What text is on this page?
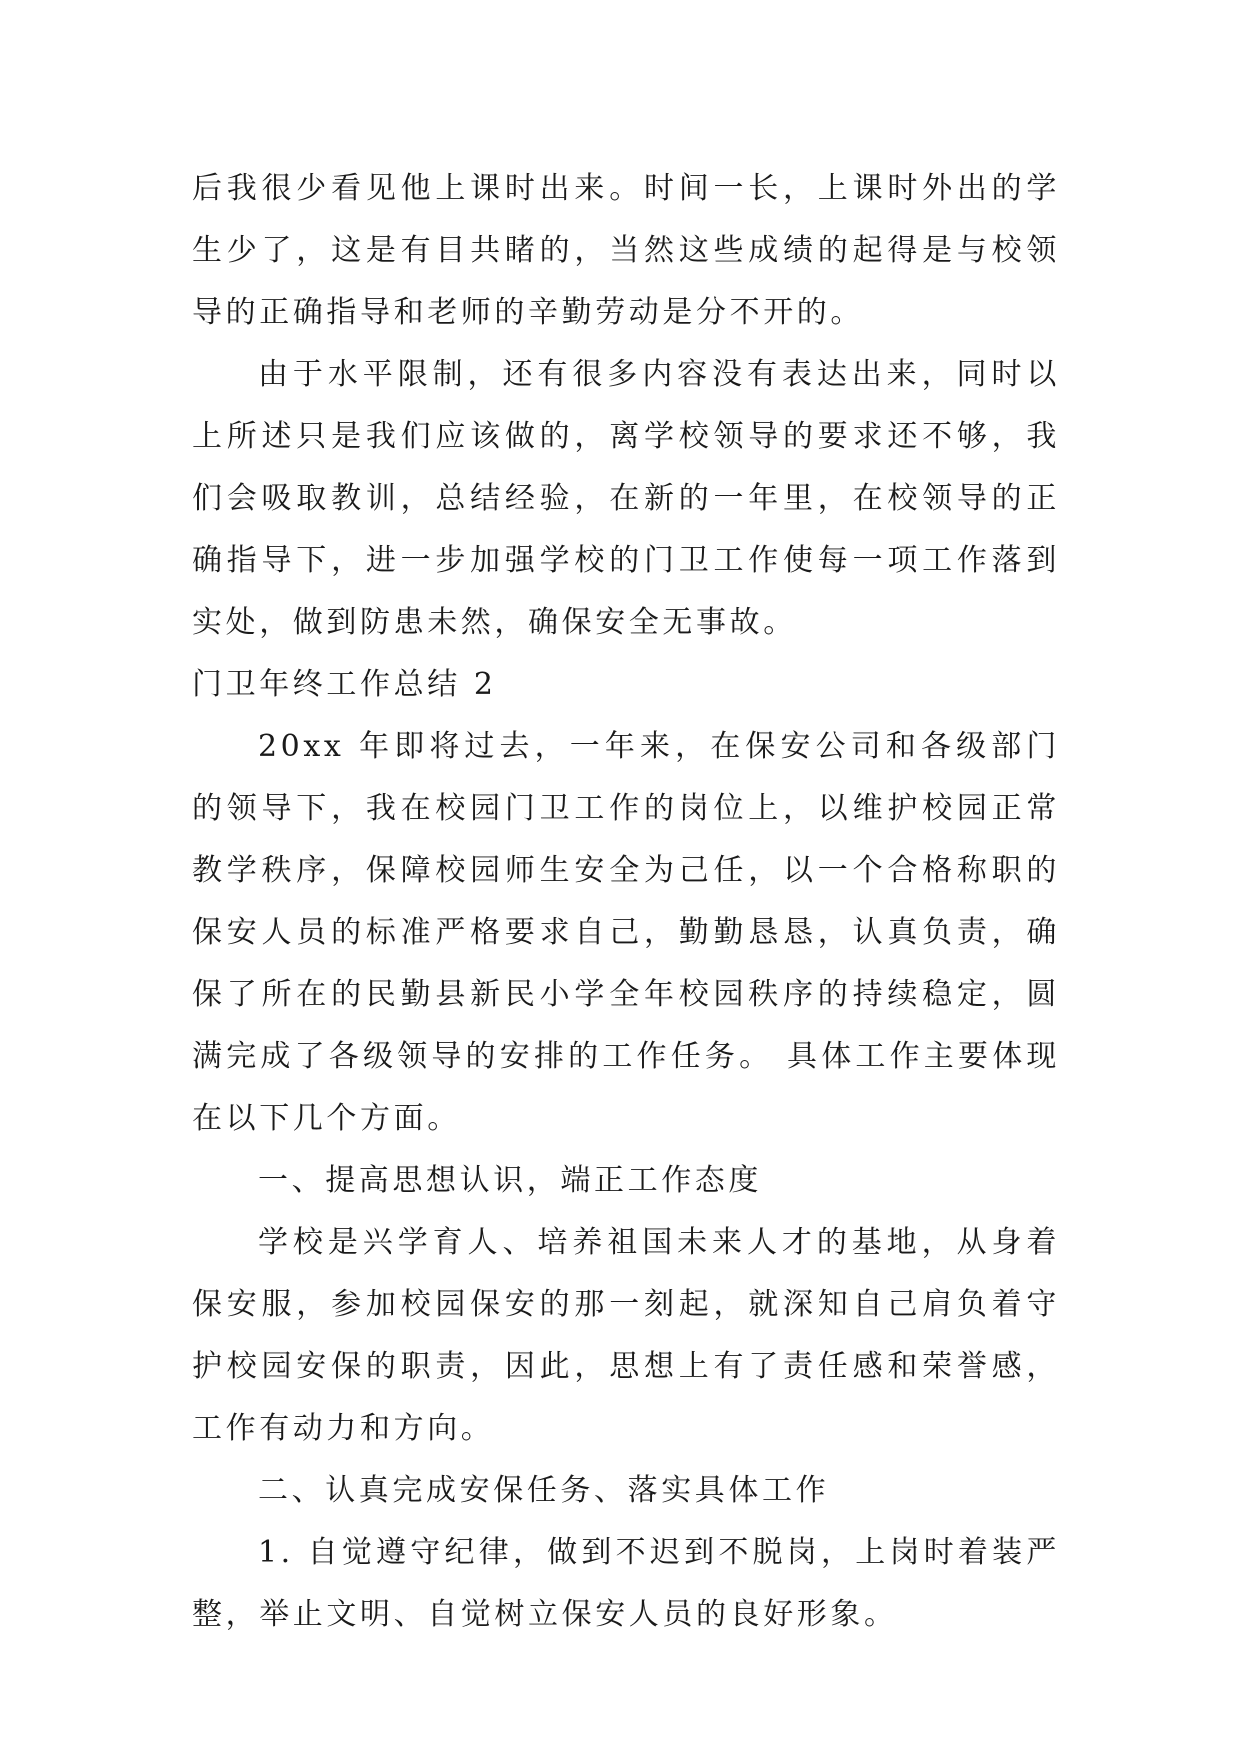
后我很少看见他上课时出来。时间一长，上课时外出的学生少了，这是有目共睹的，当然这些成绩的起得是与校领导的正确指导和老师的辛勤劳动是分不开的。

由于水平限制，还有很多内容没有表达出来，同时以上所述只是我们应该做的，离学校领导的要求还不够，我们会吸取教训，总结经验，在新的一年里，在校领导的正确指导下，进一步加强学校的门卫工作使每一项工作落到实处，做到防患未然，确保安全无事故。

门卫年终工作总结 2

20xx 年即将过去，一年来，在保安公司和各级部门的领导下，我在校园门卫工作的岗位上，以维护校园正常教学秩序，保障校园师生安全为己任，以一个合格称职的保安人员的标准严格要求自己，勤勤恳恳，认真负责，确保了所在的民勤县新民小学全年校园秩序的持续稳定，圆满完成了各级领导的安排的工作任务。 具体工作主要体现在以下几个方面。

一、提高思想认识，端正工作态度

学校是兴学育人、培养祖国未来人才的基地，从身着保安服，参加校园保安的那一刻起，就深知自己肩负着守护校园安保的职责，因此，思想上有了责任感和荣誉感，工作有动力和方向。

二、认真完成安保任务、落实具体工作

1. 自觉遵守纪律，做到不迟到不脱岗，上岗时着装严整，举止文明、自觉树立保安人员的良好形象。
